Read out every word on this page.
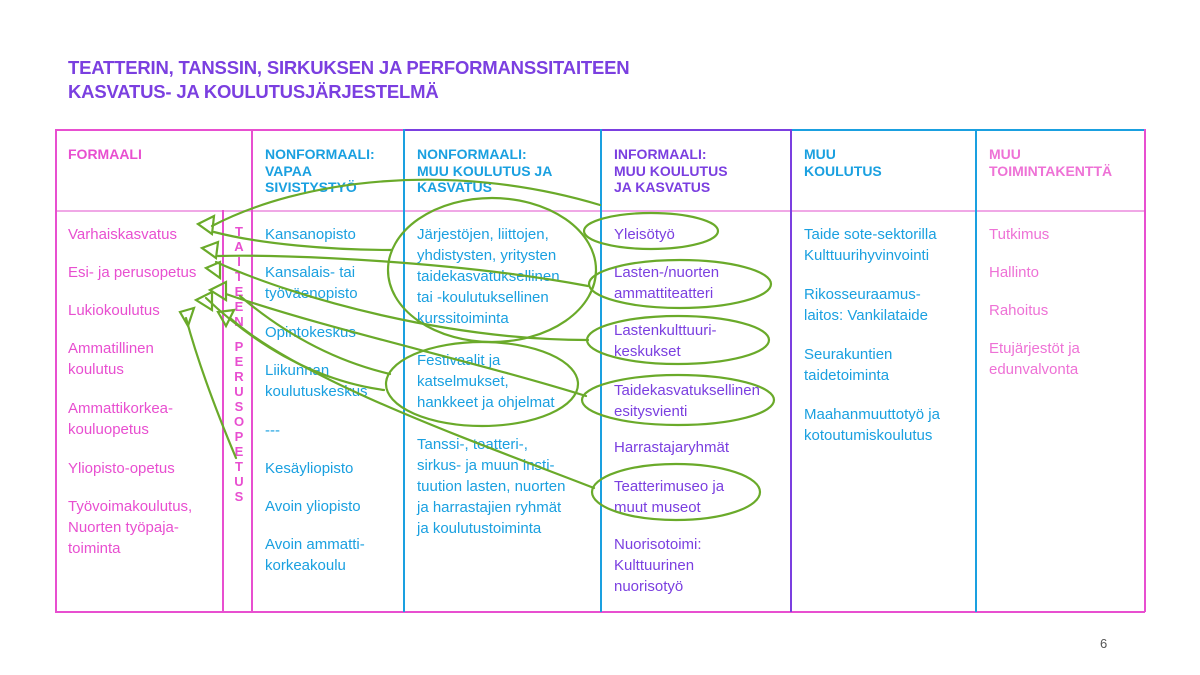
TEATTERIN, TANSSIN, SIRKUKSEN JA PERFORMANSSITAITEEN
KASVATUS- JA KOULUTUSJÄRJESTELMÄ
FORMAALI	NONFORMAALI:
VAPAA
SIVISTYSTYÖ
NONFORMAALI:
MUU KOULUTUS JA
KASVATUS
INFORMAALI:
MUU KOULUTUS
JA KASVATUS
MUU
KOULUTUS
MUU
TOIMINTAKENTTÄ
Varhaiskasvatus
Esi- ja perusopetus
Lukiokoulutus
Ammatillinen
koulutus
Ammattikorkea-
kouluopetus
Yliopisto-opetus
Työvoimakoulutus,
Nuorten työpaja-
toiminta
T
A
I
T
E
E
N

P
E
R
U
S
O
P
E
T
U
S
Kansanopisto
Kansalais- tai
työväenopisto
Opintokeskus
Liikunnan
koulutuskeskus
---
Kesäyliopisto
Avoin yliopisto
Avoin ammatti-
korkeakoulu
Järjestöjen, liittojen,
yhdistysten, yritysten
taidekasvatuksellinen
tai -koulutuksellinen
kurssitoiminta
Festivaalit ja
katselmukset,
hankkeet ja ohjelmat
Tanssi-, teatteri-,
sirkus- ja muun insti-
tuution lasten, nuorten
ja harrastajien ryhmät
ja koulutustoiminta
Yleisötyö
Lasten-/nuorten
ammattiteatteri
Lastenkulttuuri-
keskukset
Taidekasvatuksellinen
esitysvienti
Harrastajaryhmät
Teatterimuseo ja
muut museot
Nuorisotoimi:
Kulttuurinen
nuorisotyö
Taide sote-sektorilla
Kulttuurihyvinvointi
Rikosseuraamus-
laitos: Vankilataide
Seurakuntien
taidetoiminta
Maahanmuuttotyö ja
kotoutumiskoulutus
Tutkimus
Hallinto
Rahoitus
Etujärjestöt ja
edunvalvonta
6
